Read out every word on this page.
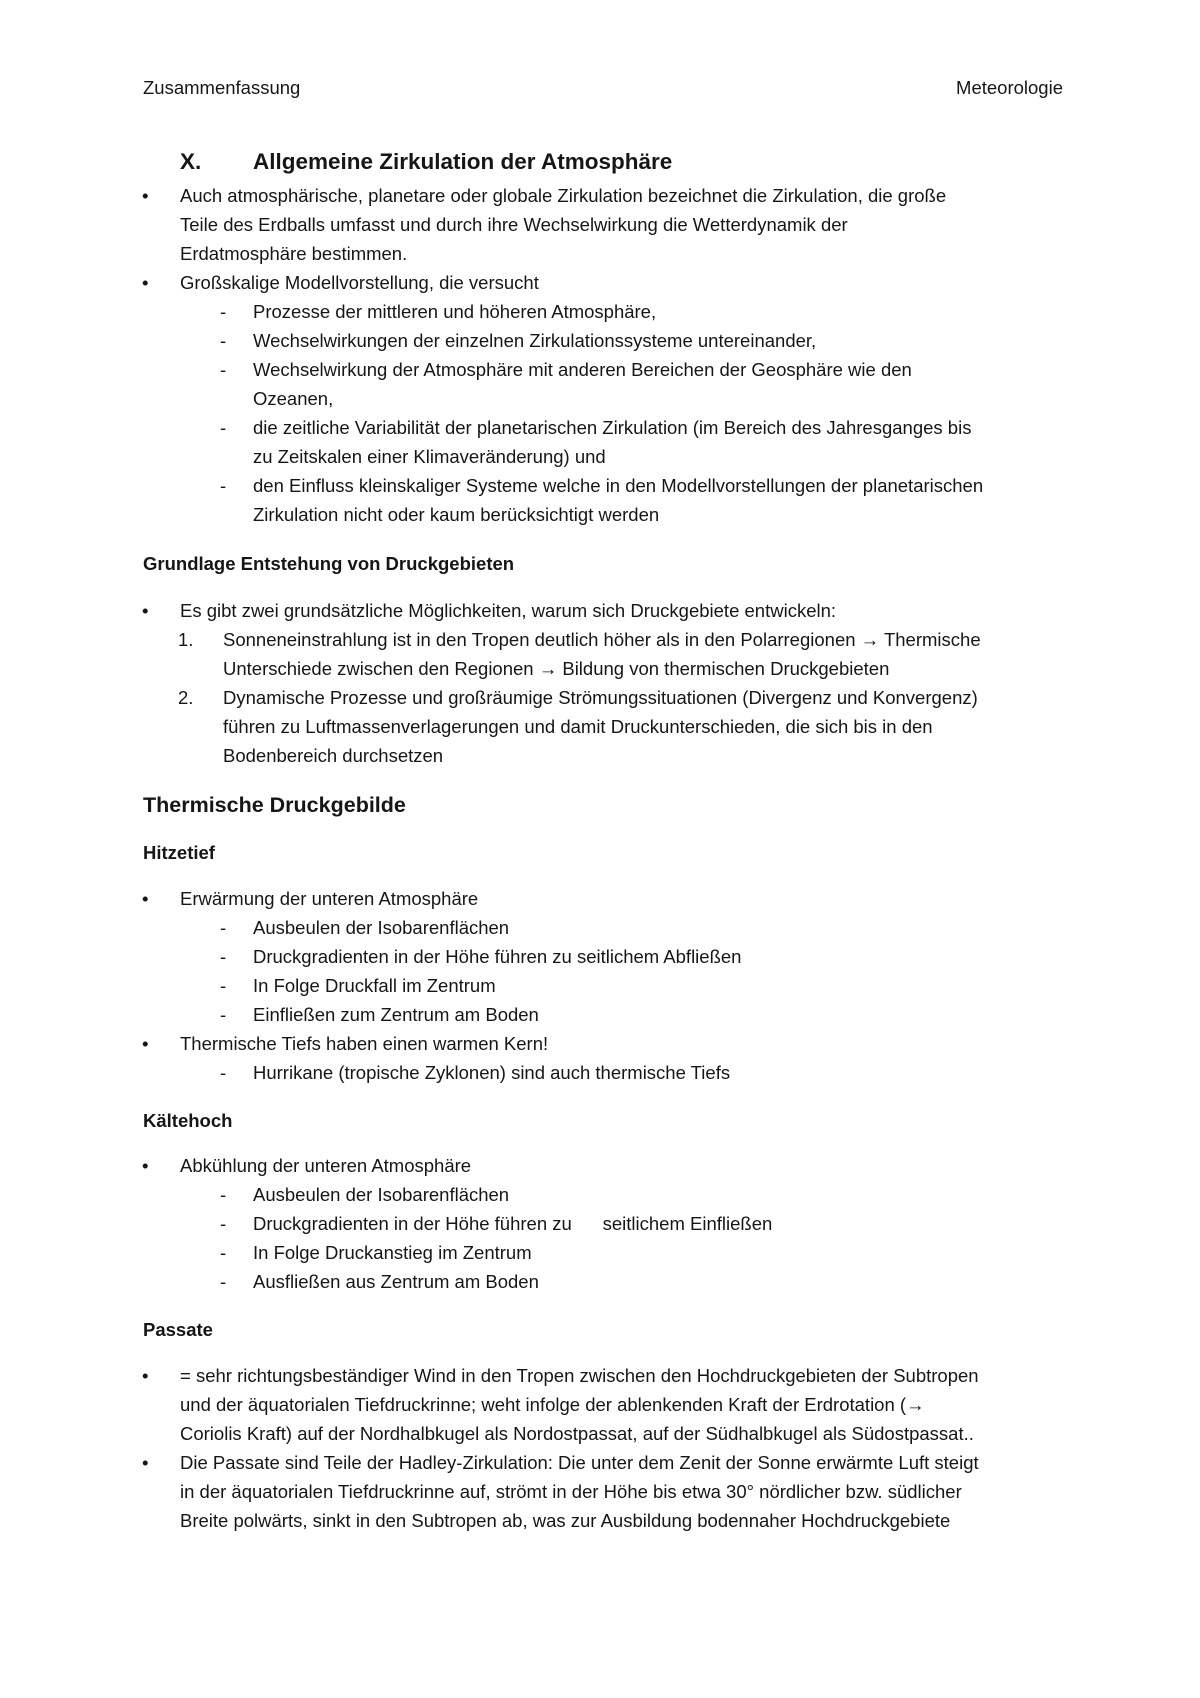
Zusammenfassung	Meteorologie
X. Allgemeine Zirkulation der Atmosphäre
• Auch atmosphärische, planetare oder globale Zirkulation bezeichnet die Zirkulation, die große
Teile des Erdballs umfasst und durch ihre Wechselwirkung die Wetterdynamik der
Erdatmosphäre bestimmen.
• Großskalige Modellvorstellung, die versucht
- Prozesse der mittleren und höheren Atmosphäre,
- Wechselwirkungen der einzelnen Zirkulationssysteme untereinander,
- Wechselwirkung der Atmosphäre mit anderen Bereichen der Geosphäre wie den
Ozeanen,
- die zeitliche Variabilität der planetarischen Zirkulation (im Bereich des Jahresganges bis
zu Zeitskalen einer Klimaveränderung) und
- den Einfluss kleinskaliger Systeme welche in den Modellvorstellungen der planetarischen
Zirkulation nicht oder kaum berücksichtigt werden
Grundlage Entstehung von Druckgebieten
• Es gibt zwei grundsätzliche Möglichkeiten, warum sich Druckgebiete entwickeln:
1. Sonneneinstrahlung ist in den Tropen deutlich höher als in den Polarregionen → Thermische
Unterschiede zwischen den Regionen → Bildung von thermischen Druckgebieten
2. Dynamische Prozesse und großräumige Strömungssituationen (Divergenz und Konvergenz)
führen zu Luftmassenverlagerungen und damit Druckunterschieden, die sich bis in den
Bodenbereich durchsetzen
Thermische Druckgebilde
Hitzetief
• Erwärmung der unteren Atmosphäre
- Ausbeulen der Isobarenflächen
- Druckgradienten in der Höhe führen zu seitlichem Abfließen
- In Folge Druckfall im Zentrum
- Einfließen zum Zentrum am Boden
• Thermische Tiefs haben einen warmen Kern!
- Hurrikane (tropische Zyklonen) sind auch thermische Tiefs
Kältehoch
• Abkühlung der unteren Atmosphäre
- Ausbeulen der Isobarenflächen
- Druckgradienten in der Höhe führen zu      seitlichem Einfließen
- In Folge Druckanstieg im Zentrum
- Ausfließen aus Zentrum am Boden
Passate
• = sehr richtungsbeständiger Wind in den Tropen zwischen den Hochdruckgebieten der Subtropen
und der äquatorialen Tiefdruckrinne; weht infolge der ablenkenden Kraft der Erdrotation (→
Coriolis Kraft) auf der Nordhalbkugel als Nordostpassat, auf der Südhalbkugel als Südostpassat..
• Die Passate sind Teile der Hadley-Zirkulation: Die unter dem Zenit der Sonne erwärmte Luft steigt
in der äquatorialen Tiefdruckrinne auf, strömt in der Höhe bis etwa 30° nördlicher bzw. südlicher
Breite polwärts, sinkt in den Subtropen ab, was zur Ausbildung bodennaher Hochdruckgebiete
